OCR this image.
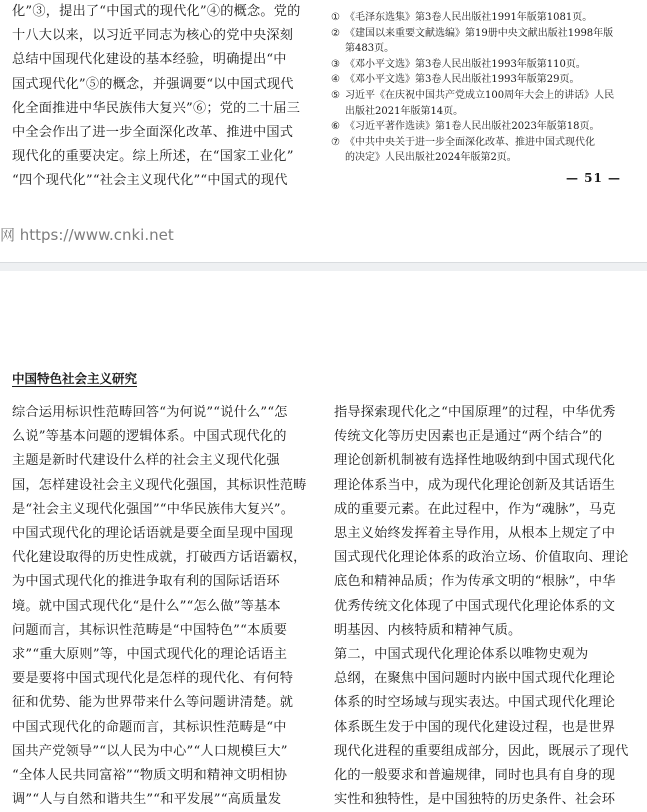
化”③，提出了“中国式的现代化”④的概念。党的

十八大以来，以习近平同志为核心的党中央深刻

总结中国现代化建设的基本经验，明确提出“中

国式现代化”⑤的概念，并强调要“以中国式现代

化全面推进中华民族伟大复兴”⑥；党的二十届三

中全会作出了进一步全面深化改革、推进中国式

现代化的重要决定。综上所述，在“国家工业化”

“四个现代化”“社会主义现代化”“中国式的现代

① 《毛泽东选集》第3卷人民出版社1991年版第1081页。
② 《建国以来重要文献选编》第19册中央文献出版社1998年版
第483页。
③ 《邓小平文选》第3卷人民出版社1993年版第110页。
④ 《邓小平文选》第3卷人民出版社1993年版第29页。
⑤ 习近平《在庆祝中国共产党成立100周年大会上的讲话》人民
出版社2021年版第14页。
⑥ 《习近平著作选读》第1卷人民出版社2023年版第18页。
⑦ 《中共中央关于进一步全面深化改革、推进中国式现代化
的决定》人民出版社2024年版第2页。
— 51 —
网 https://www.cnki.net
中国特色社会主义研究

综合运用标识性范畴回答“为何说”“说什么”“怎

么说”等基本问题的逻辑体系。中国式现代化的

主题是新时代建设什么样的社会主义现代化强

国，怎样建设社会主义现代化强国，其标识性范畴

是“社会主义现代化强国”“中华民族伟大复兴”。

中国式现代化的理论话语就是要全面呈现中国现

代化建设取得的历史性成就，打破西方话语霸权，

为中国式现代化的推进争取有利的国际话语环

境。就中国式现代化“是什么”“怎么做”等基本

问题而言，其标识性范畴是“中国特色”“本质要

求”“重大原则”等，中国式现代化的理论话语主

要是要将中国式现代化是怎样的现代化、有何特

征和优势、能为世界带来什么等问题讲清楚。就

中国式现代化的命题而言，其标识性范畴是“中

国共产党领导”“以人民为中心”“人口规模巨大”

“全体人民共同富裕”“物质文明和精神文明相协

调”“人与自然和谐共生”“和平发展”“高质量发

指导探索现代化之“中国原理”的过程，中华优秀

传统文化等历史因素也正是通过“两个结合”的

理论创新机制被有选择性地吸纳到中国式现代化

理论体系当中，成为现代化理论创新及其话语生

成的重要元素。在此过程中，作为“魂脉”，马克

思主义始终发挥着主导作用，从根本上规定了中

国式现代化理论体系的政治立场、价值取向、理论

底色和精神品质；作为传承文明的“根脉”，中华

优秀传统文化体现了中国式现代化理论体系的文

明基因、内核特质和精神气质。

第二，中国式现代化理论体系以唯物史观为

总纲，在聚焦中国问题时内嵌中国式现代化理论

体系的时空场域与现实表达。中国式现代化理论

体系既生发于中国的现代化建设过程，也是世界

现代化进程的重要组成部分，因此，既展示了现代

化的一般要求和普遍规律，同时也具有自身的现

实性和独特性，是中国独特的历史条件、社会环
